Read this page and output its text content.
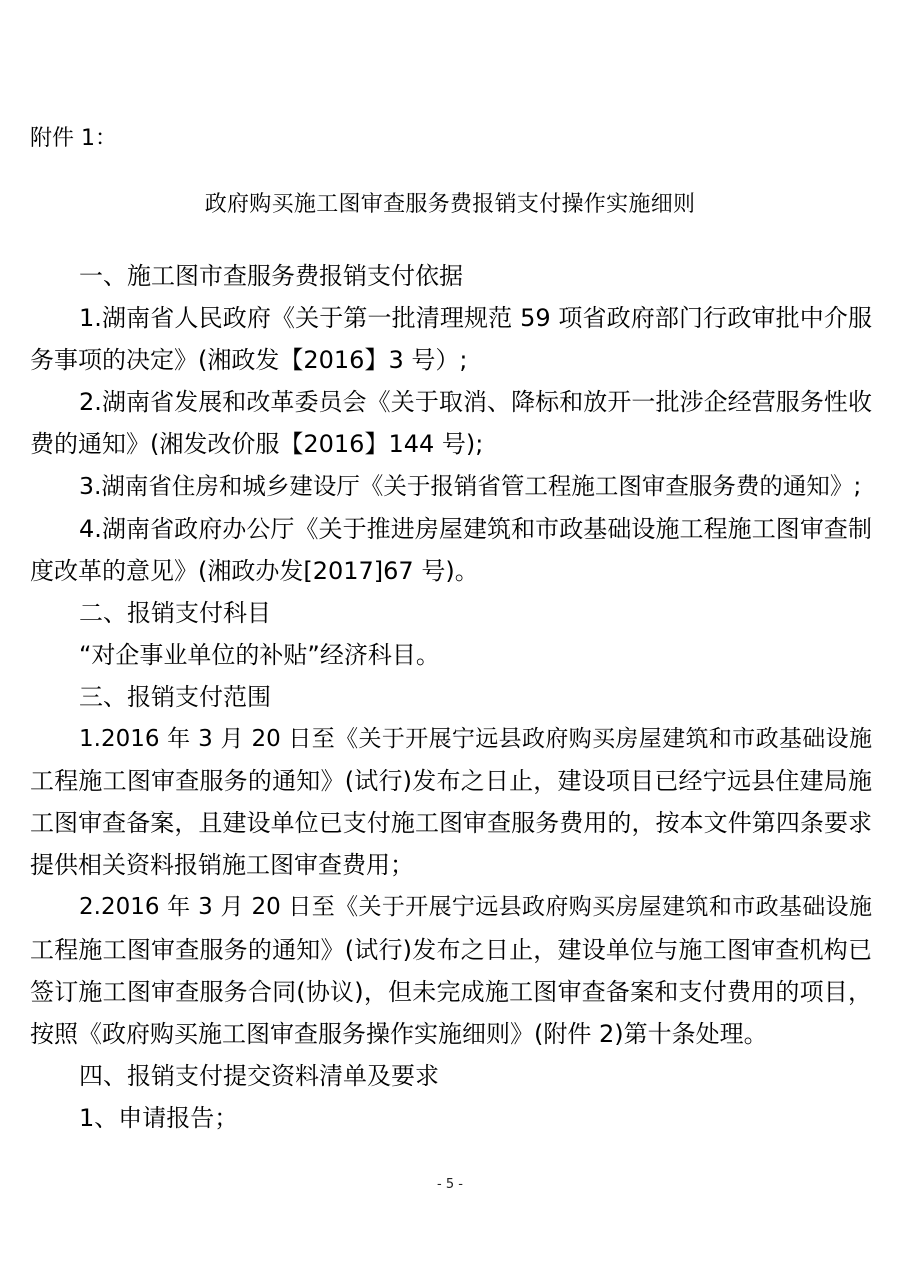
附件 1：
政府购买施工图审查服务费报销支付操作实施细则
一、施工图市查服务费报销支付依据
1.湖南省人民政府《关于第一批清理规范 59 项省政府部门行政审批中介服
务事项的决定》(湘政发【2016】3 号）;
2.湖南省发展和改革委员会《关于取消、降标和放开一批涉企经营服务性收
费的通知》(湘发改价服【2016】144 号);
3.湖南省住房和城乡建设厅《关于报销省管工程施工图审查服务费的通知》;
4.湖南省政府办公厅《关于推进房屋建筑和市政基础设施工程施工图审查制
度改革的意见》(湘政办发[2017]67 号)。
二、报销支付科目
“对企事业单位的补贴”经济科目。
三、报销支付范围
1.2016 年 3 月 20 日至《关于开展宁远县政府购买房屋建筑和市政基础设施
工程施工图审查服务的通知》(试行)发布之日止，建设项目已经宁远县住建局施
工图审查备案，且建设单位已支付施工图审查服务费用的，按本文件第四条要求
提供相关资料报销施工图审查费用；
2.2016 年 3 月 20 日至《关于开展宁远县政府购买房屋建筑和市政基础设施
工程施工图审查服务的通知》(试行)发布之日止，建设单位与施工图审查机构已
签订施工图审查服务合同(协议)，但未完成施工图审查备案和支付费用的项目，
按照《政府购买施工图审查服务操作实施细则》(附件 2)第十条处理。
四、报销支付提交资料清单及要求
1、申请报告；
- 5 -
